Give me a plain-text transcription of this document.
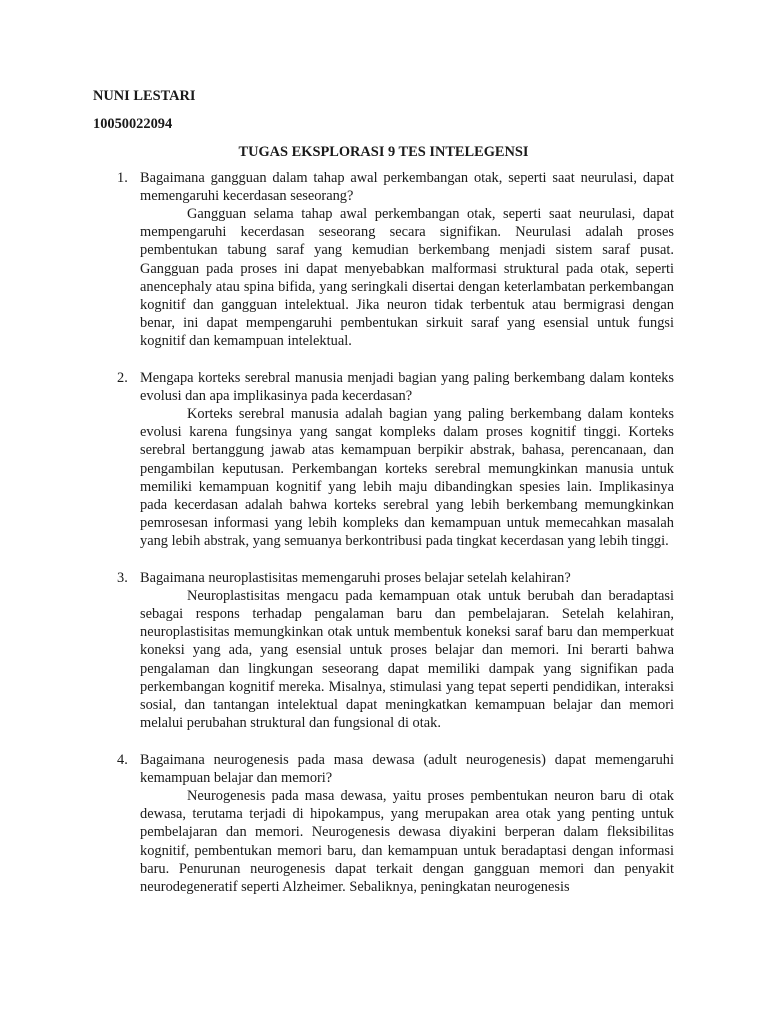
NUNI LESTARI

10050022094

TUGAS EKSPLORASI 9 TES INTELEGENSI

1. Bagaimana gangguan dalam tahap awal perkembangan otak, seperti saat neurulasi, dapat memengaruhi kecerdasan seseorang?

Gangguan selama tahap awal perkembangan otak, seperti saat neurulasi, dapat mempengaruhi kecerdasan seseorang secara signifikan. Neurulasi adalah proses pembentukan tabung saraf yang kemudian berkembang menjadi sistem saraf pusat. Gangguan pada proses ini dapat menyebabkan malformasi struktural pada otak, seperti anencephaly atau spina bifida, yang seringkali disertai dengan keterlambatan perkembangan kognitif dan gangguan intelektual. Jika neuron tidak terbentuk atau bermigrasi dengan benar, ini dapat mempengaruhi pembentukan sirkuit saraf yang esensial untuk fungsi kognitif dan kemampuan intelektual.

2. Mengapa korteks serebral manusia menjadi bagian yang paling berkembang dalam konteks evolusi dan apa implikasinya pada kecerdasan?

Korteks serebral manusia adalah bagian yang paling berkembang dalam konteks evolusi karena fungsinya yang sangat kompleks dalam proses kognitif tinggi. Korteks serebral bertanggung jawab atas kemampuan berpikir abstrak, bahasa, perencanaan, dan pengambilan keputusan. Perkembangan korteks serebral memungkinkan manusia untuk memiliki kemampuan kognitif yang lebih maju dibandingkan spesies lain. Implikasinya pada kecerdasan adalah bahwa korteks serebral yang lebih berkembang memungkinkan pemrosesan informasi yang lebih kompleks dan kemampuan untuk memecahkan masalah yang lebih abstrak, yang semuanya berkontribusi pada tingkat kecerdasan yang lebih tinggi.

3. Bagaimana neuroplastisitas memengaruhi proses belajar setelah kelahiran?

Neuroplastisitas mengacu pada kemampuan otak untuk berubah dan beradaptasi sebagai respons terhadap pengalaman baru dan pembelajaran. Setelah kelahiran, neuroplastisitas memungkinkan otak untuk membentuk koneksi saraf baru dan memperkuat koneksi yang ada, yang esensial untuk proses belajar dan memori. Ini berarti bahwa pengalaman dan lingkungan seseorang dapat memiliki dampak yang signifikan pada perkembangan kognitif mereka. Misalnya, stimulasi yang tepat seperti pendidikan, interaksi sosial, dan tantangan intelektual dapat meningkatkan kemampuan belajar dan memori melalui perubahan struktural dan fungsional di otak.

4. Bagaimana neurogenesis pada masa dewasa (adult neurogenesis) dapat memengaruhi kemampuan belajar dan memori?

Neurogenesis pada masa dewasa, yaitu proses pembentukan neuron baru di otak dewasa, terutama terjadi di hipokampus, yang merupakan area otak yang penting untuk pembelajaran dan memori. Neurogenesis dewasa diyakini berperan dalam fleksibilitas kognitif, pembentukan memori baru, dan kemampuan untuk beradaptasi dengan informasi baru. Penurunan neurogenesis dapat terkait dengan gangguan memori dan penyakit neurodegeneratif seperti Alzheimer. Sebaliknya, peningkatan neurogenesis
